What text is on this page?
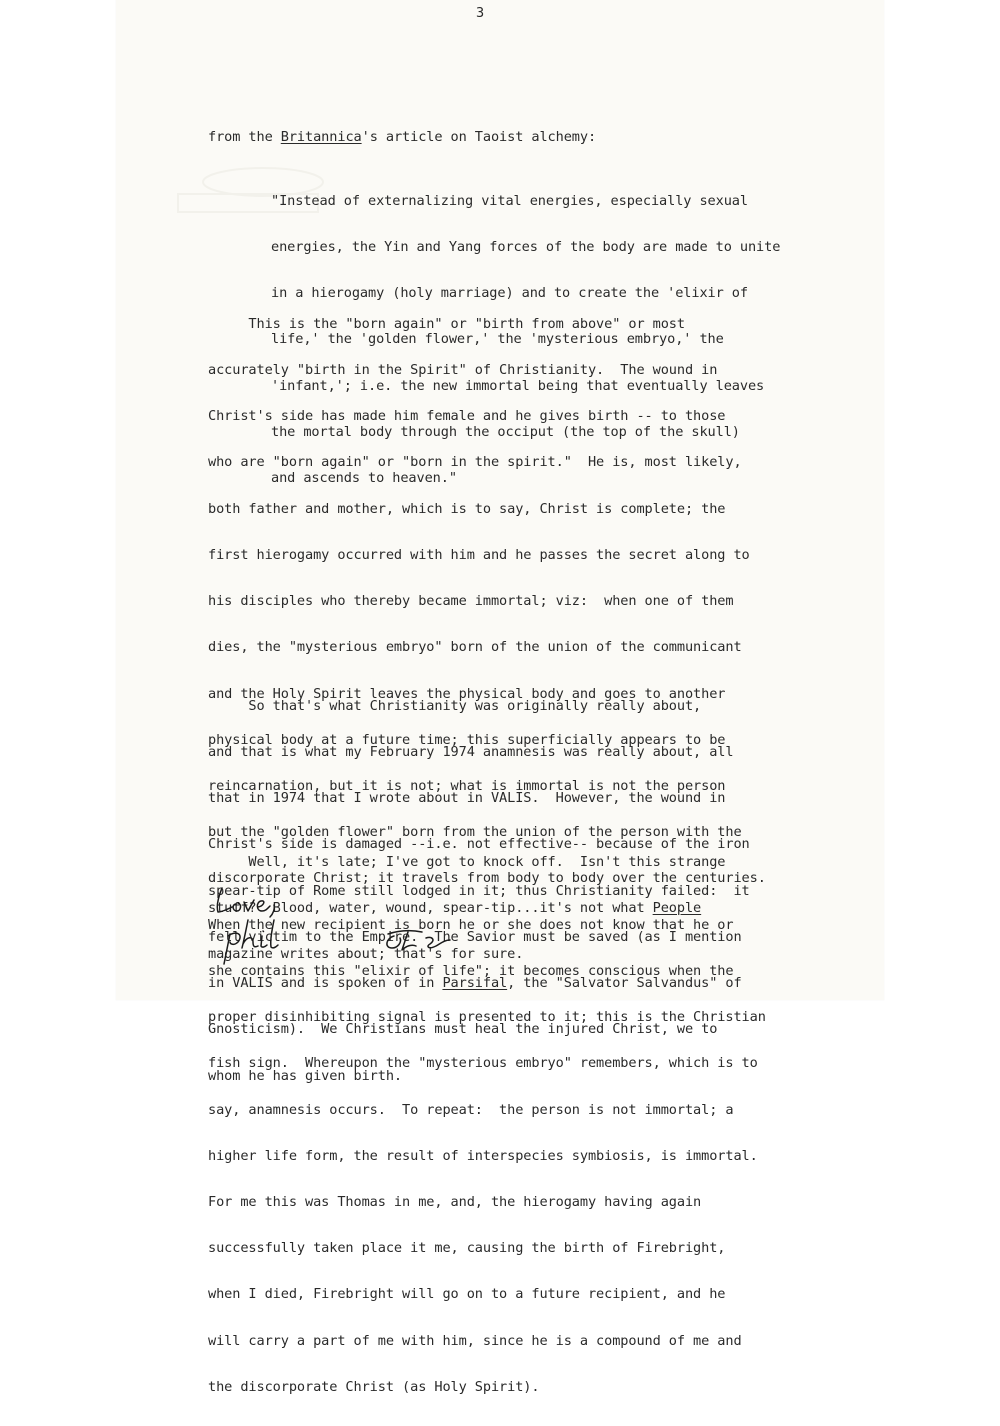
3
from the Britannica's article on Taoist alchemy:

"Instead of externalizing vital energies, especially sexual

energies, the Yin and Yang forces of the body are made to unite

in a hierogamy (holy marriage) and to create the 'elixir of

life,' the 'golden flower,' the 'mysterious embryo,' the

'infant,'; i.e. the new immortal being that eventually leaves

the mortal body through the occiput (the top of the skull)

and ascends to heaven."

This is the "born again" or "birth from above" or most

accurately "birth in the Spirit" of Christianity.  The wound in

Christ's side has made him female and he gives birth -- to those

who are "born again" or "born in the spirit."  He is, most likely,

both father and mother, which is to say, Christ is complete; the

first hierogamy occurred with him and he passes the secret along to

his disciples who thereby became immortal; viz:  when one of them

dies, the "mysterious embryo" born of the union of the communicant

and the Holy Spirit leaves the physical body and goes to another

physical body at a future time; this superficially appears to be

reincarnation, but it is not; what is immortal is not the person

but the "golden flower" born from the union of the person with the

discorporate Christ; it travels from body to body over the centuries.

When the new recipient is born he or she does not know that he or

she contains this "elixir of life"; it becomes conscious when the

proper disinhibiting signal is presented to it; this is the Christian

fish sign.  Whereupon the "mysterious embryo" remembers, which is to

say, anamnesis occurs.  To repeat:  the person is not immortal; a

higher life form, the result of interspecies symbiosis, is immortal.

For me this was Thomas in me, and, the hierogamy having again

successfully taken place it me, causing the birth of Firebright,

when I died, Firebright will go on to a future recipient, and he

will carry a part of me with him, since he is a compound of me and

the discorporate Christ (as Holy Spirit).

So that's what Christianity was originally really about,

and that is what my February 1974 anamnesis was really about, all

that in 1974 that I wrote about in VALIS.  However, the wound in

Christ's side is damaged --i.e. not effective-- because of the iron

spear-tip of Rome still lodged in it; thus Christianity failed:  it

fell victim to the Empire.  The Savior must be saved (as I mention

in VALIS and is spoken of in Parsifal, the "Salvator Salvandus" of

Gnosticism).  We Christians must heal the injured Christ, we to

whom he has given birth.

Well, it's late; I've got to knock off.  Isn't this strange

stuff?  Blood, water, wound, spear-tip...it's not what People

magazine writes about; that's for sure.
